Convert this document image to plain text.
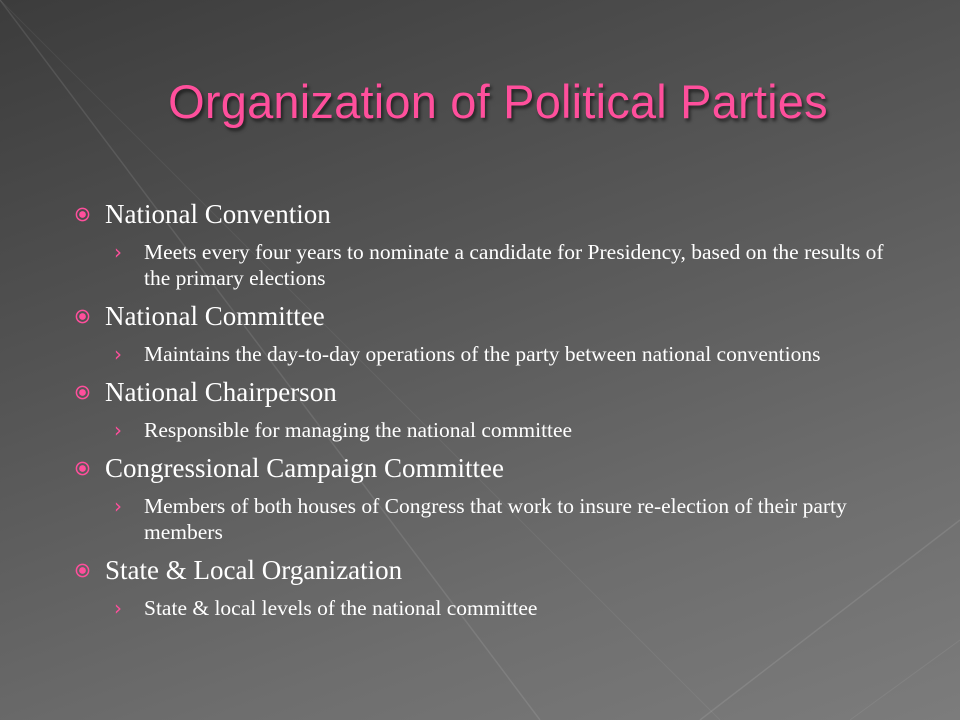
Organization of Political Parties
National Convention
› Meets every four years to nominate a candidate for Presidency, based on the results of the primary elections
National Committee
› Maintains the day-to-day operations of the party between national conventions
National Chairperson
› Responsible for managing the national committee
Congressional Campaign Committee
› Members of both houses of Congress that work to insure re-election of their party members
State & Local Organization
› State & local levels of the national committee
